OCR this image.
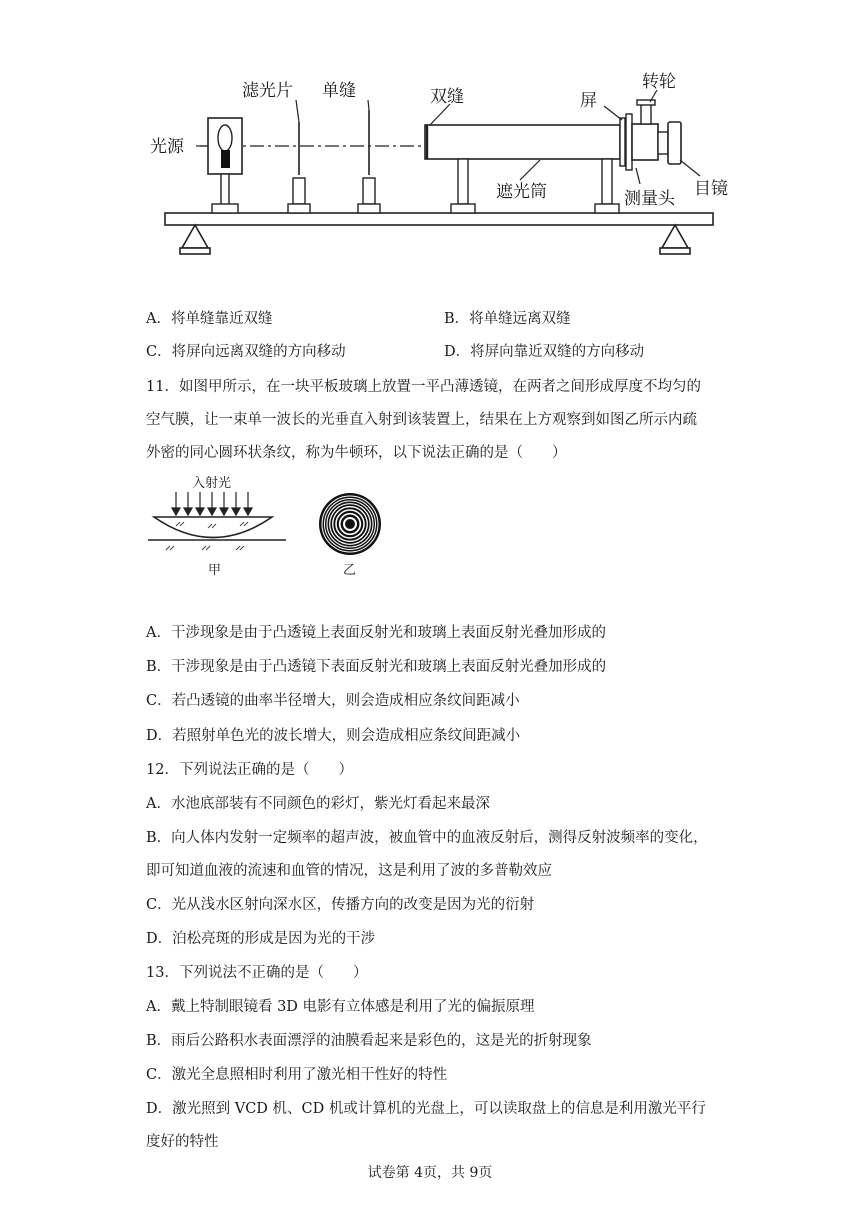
光源
滤光片 单缝	双缝	屏
转轮
遮光筒	测量头 目镜
A．将单缝靠近双缝	B．将单缝远离双缝
C．将屏向远离双缝的方向移动	D．将屏向靠近双缝的方向移动
11．如图甲所示，在一块平板玻璃上放置一平凸薄透镜，在两者之间形成厚度不均匀的
空气膜，让一束单一波长的光垂直入射到该装置上，结果在上方观察到如图乙所示内疏
外密的同心圆环状条纹，称为牛顿环，以下说法正确的是（　　）
入射光
甲	乙
A．干涉现象是由于凸透镜上表面反射光和玻璃上表面反射光叠加形成的
B．干涉现象是由于凸透镜下表面反射光和玻璃上表面反射光叠加形成的
C．若凸透镜的曲率半径增大，则会造成相应条纹间距减小
D．若照射单色光的波长增大，则会造成相应条纹间距减小
12．下列说法正确的是（　　）
A．水池底部装有不同颜色的彩灯，紫光灯看起来最深
B．向人体内发射一定频率的超声波，被血管中的血液反射后，测得反射波频率的变化，
即可知道血液的流速和血管的情况，这是利用了波的多普勒效应
C．光从浅水区射向深水区，传播方向的改变是因为光的衍射
D．泊松亮斑的形成是因为光的干涉
13．下列说法不正确的是（　　）
A．戴上特制眼镜看 3D 电影有立体感是利用了光的偏振原理
B．雨后公路积水表面漂浮的油膜看起来是彩色的，这是光的折射现象
C．激光全息照相时利用了激光相干性好的特性
D．激光照到 VCD 机、CD 机或计算机的光盘上，可以读取盘上的信息是利用激光平行
度好的特性
试卷第 4页，共 9页
